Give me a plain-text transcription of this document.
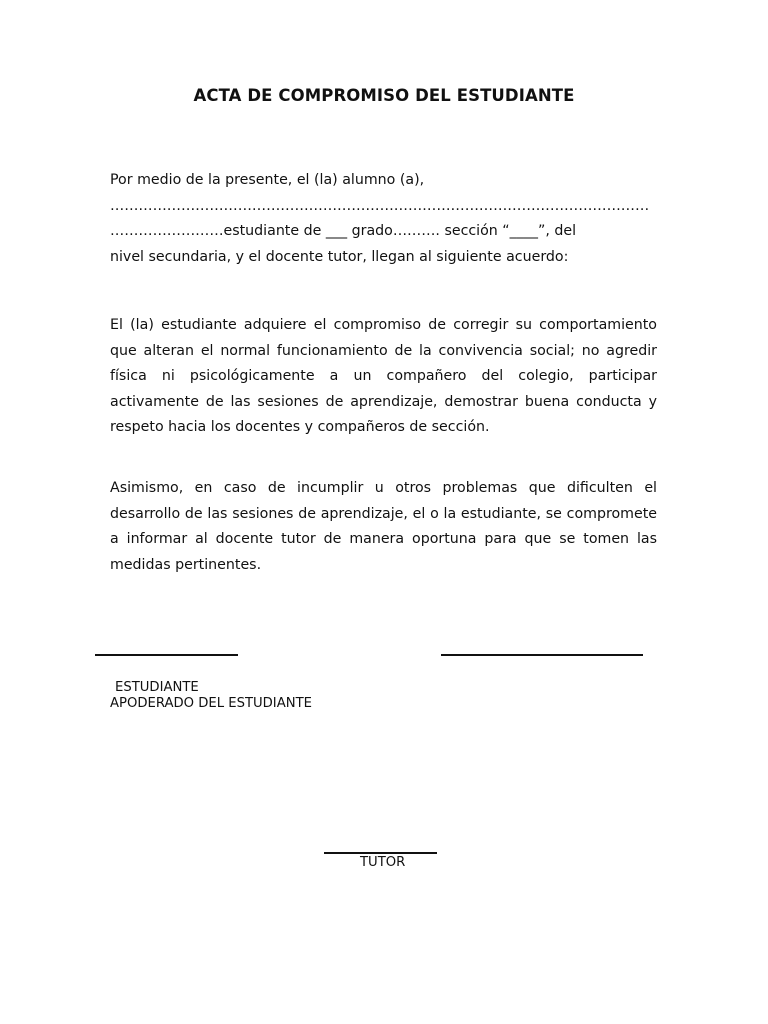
ACTA DE COMPROMISO DEL ESTUDIANTE
Por medio de la presente, el (la) alumno (a),
……………………………………………………………………………………………………
……………………estudiante de ___ grado………. sección “____”, del
nivel secundaria, y el docente tutor, llegan al siguiente acuerdo:

El (la) estudiante adquiere el compromiso de corregir su comportamiento que alteran el normal funcionamiento de la convivencia social; no agredir física ni psicológicamente a un compañero del colegio, participar activamente de las sesiones de aprendizaje, demostrar buena conducta y respeto hacia los docentes y compañeros de sección.

Asimismo, en caso de incumplir u otros problemas que dificulten el desarrollo de las sesiones de aprendizaje, el o la estudiante, se compromete a informar al docente tutor de manera oportuna para que se tomen las medidas pertinentes.

ESTUDIANTE
APODERADO DEL ESTUDIANTE
TUTOR
